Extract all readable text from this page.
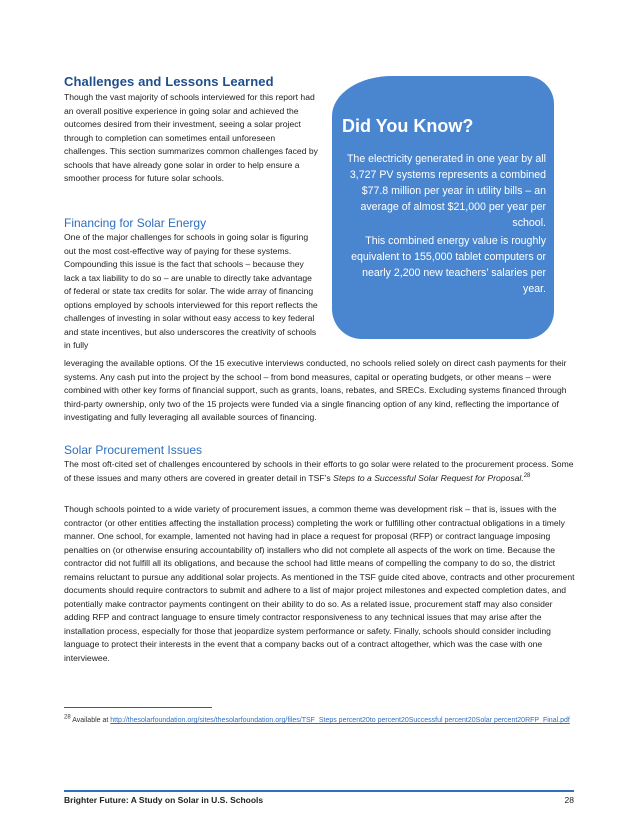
Challenges and Lessons Learned

Though the vast majority of schools interviewed for this report had an overall positive experience in going solar and achieved the outcomes desired from their investment, seeing a solar project through to completion can sometimes entail unforeseen challenges. This section summarizes common challenges faced by schools that have already gone solar in order to help ensure a smoother process for future solar schools.

Financing for Solar Energy

One of the major challenges for schools in going solar is figuring out the most cost-effective way of paying for these systems. Compounding this issue is the fact that schools – because they lack a tax liability to do so – are unable to directly take advantage of federal or state tax credits for solar. The wide array of financing options employed by schools interviewed for this report reflects the challenges of investing in solar without easy access to key federal and state incentives, but also underscores the creativity of schools in fully

leveraging the available options. Of the 15 executive interviews conducted, no schools relied solely on direct cash payments for their systems. Any cash put into the project by the school – from bond measures, capital or operating budgets, or other means – were combined with other key forms of financial support, such as grants, loans, rebates, and SRECs. Excluding systems financed through third-party ownership, only two of the 15 projects were funded via a single financing option of any kind, reflecting the importance of investigating and fully leveraging all available sources of financing.

Solar Procurement Issues

The most oft-cited set of challenges encountered by schools in their efforts to go solar were related to the procurement process. Some of these issues and many others are covered in greater detail in TSF’s Steps to a Successful Solar Request for Proposal.$^{28}$

Though schools pointed to a wide variety of procurement issues, a common theme was development risk – that is, issues with the contractor (or other entities affecting the installation process) completing the work or fulfilling other contractual obligations in a timely manner. One school, for example, lamented not having had in place a request for proposal (RFP) or contract language imposing penalties on (or otherwise ensuring accountability of) installers who did not complete all aspects of the work on time. Because the contractor did not fulfill all its obligations, and because the school had little means of compelling the company to do so, the district remains reluctant to pursue any additional solar projects. As mentioned in the TSF guide cited above, contracts and other procurement documents should require contractors to submit and adhere to a list of major project milestones and expected completion dates, and potentially make contractor payments contingent on their ability to do so. As a related issue, procurement staff may also consider adding RFP and contract language to ensure timely contractor responsiveness to any technical issues that may arise after the installation process, especially for those that jeopardize system performance or safety. Finally, schools should consider including language to protect their interests in the event that a company backs out of a contract altogether, which was the case with one interviewee.

Did You Know?

The electricity generated in one year by all 3,727 PV systems represents a combined $77.8 million per year in utility bills – an average of almost $21,000 per year per school.

This combined energy value is roughly equivalent to 155,000 tablet computers or nearly 2,200 new teachers’ salaries per year.

$^{28}$ Available at http://thesolarfoundation.org/sites/thesolarfoundation.org/files/TSF_Steps percent20to percent20Successful percent20Solar percent20RFP_Final.pdf

Brighter Future: A Study on Solar in U.S. Schools	28
